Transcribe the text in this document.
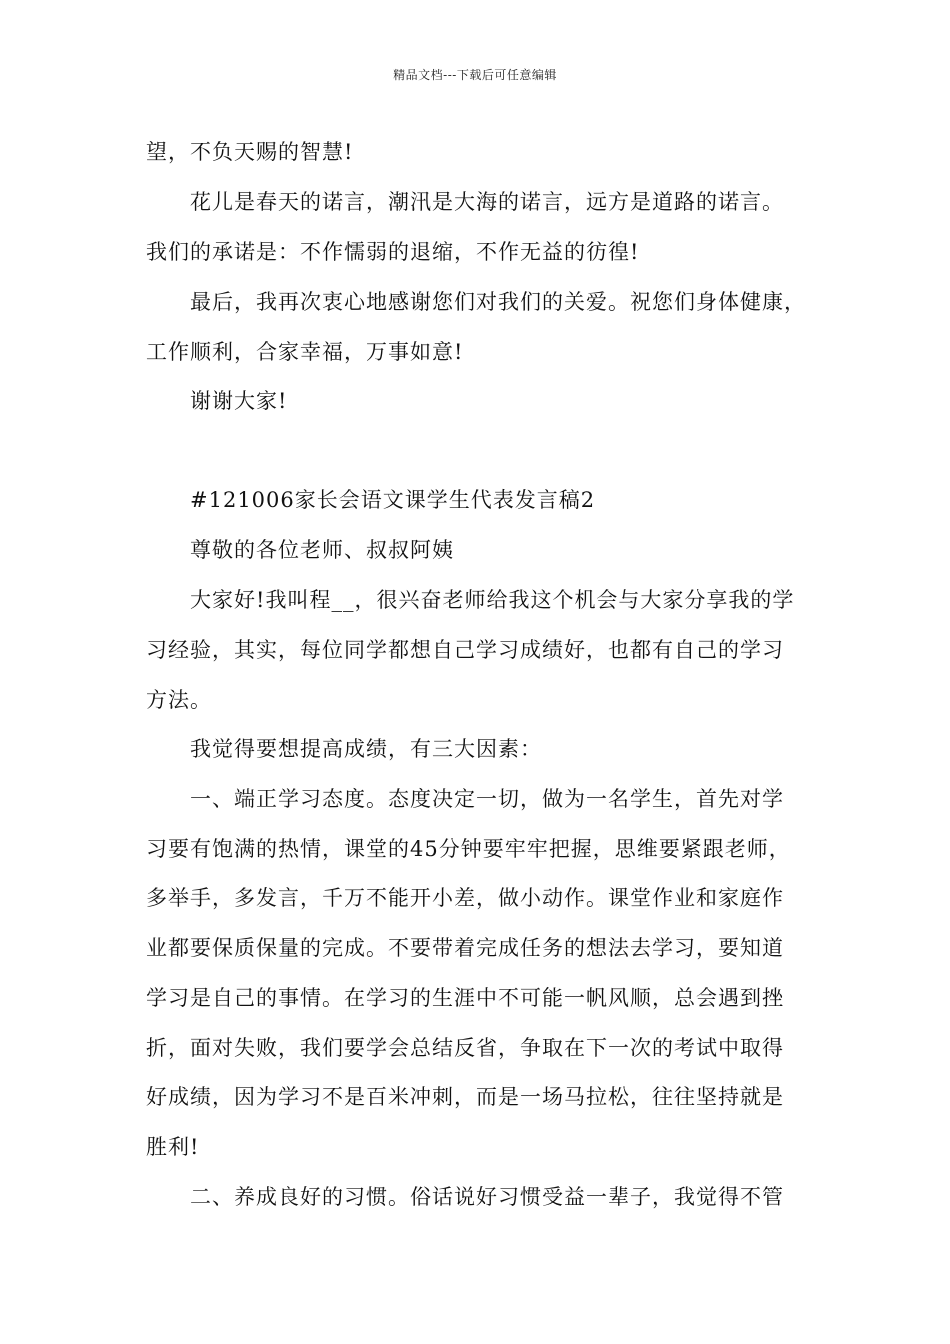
精品文档---下载后可任意编辑
望，不负天赐的智慧!
花儿是春天的诺言，潮汛是大海的诺言，远方是道路的诺言。
我们的承诺是：不作懦弱的退缩，不作无益的彷徨!
最后，我再次衷心地感谢您们对我们的关爱。祝您们身体健康，
工作顺利，合家幸福，万事如意!
谢谢大家!
#121006家长会语文课学生代表发言稿2
尊敬的各位老师、叔叔阿姨
大家好!我叫程__，很兴奋老师给我这个机会与大家分享我的学
习经验，其实，每位同学都想自己学习成绩好，也都有自己的学习
方法。
我觉得要想提高成绩，有三大因素：
一、端正学习态度。态度决定一切，做为一名学生，首先对学
习要有饱满的热情，课堂的45分钟要牢牢把握，思维要紧跟老师，
多举手，多发言，千万不能开小差，做小动作。课堂作业和家庭作
业都要保质保量的完成。不要带着完成任务的想法去学习，要知道
学习是自己的事情。在学习的生涯中不可能一帆风顺，总会遇到挫
折，面对失败，我们要学会总结反省，争取在下一次的考试中取得
好成绩，因为学习不是百米冲刺，而是一场马拉松，往往坚持就是
胜利!
二、养成良好的习惯。俗话说好习惯受益一辈子，我觉得不管
